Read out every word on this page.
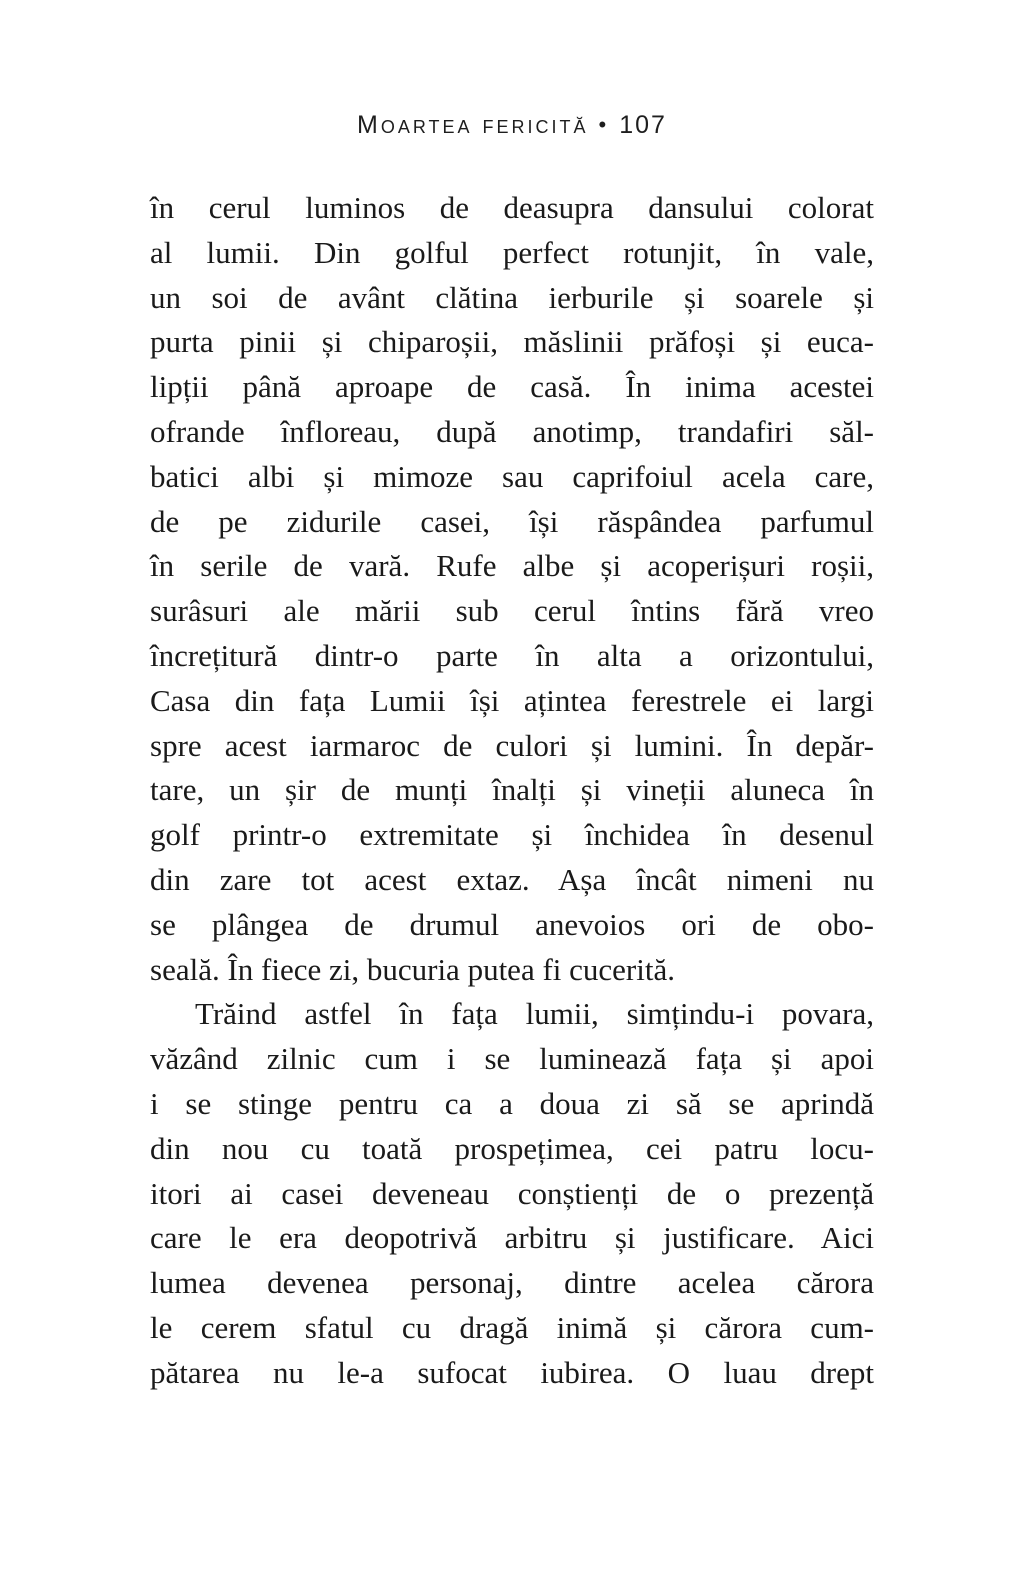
Moartea fericită • 107
în cerul luminos de deasupra dansului colorat
al lumii. Din golful perfect rotunjit, în vale,
un soi de avânt clătina ierburile și soarele și
purta pinii și chiparoșii, măslinii prăfoși și euca-
lipții până aproape de casă. În inima acestei
ofrande înfloreau, după anotimp, trandafiri săl-
batici albi și mimoze sau caprifoiul acela care,
de pe zidurile casei, își răspândea parfumul
în serile de vară. Rufe albe și acoperișuri roșii,
surâsuri ale mării sub cerul întins fără vreo
încrețitură dintr-o parte în alta a orizontului,
Casa din fața Lumii își ațintea ferestrele ei largi
spre acest iarmaroc de culori și lumini. În depăr-
tare, un șir de munți înalți și vineții aluneca în
golf printr-o extremitate și închidea în desenul
din zare tot acest extaz. Așa încât nimeni nu
se plângea de drumul anevoios ori de obo-
seală. În fiece zi, bucuria putea fi cucerită.
Trăind astfel în fața lumii, simțindu-i povara,
văzând zilnic cum i se luminează fața și apoi
i se stinge pentru ca a doua zi să se aprindă
din nou cu toată prospețimea, cei patru locu-
itori ai casei deveneau conștienți de o prezență
care le era deopotrivă arbitru și justificare. Aici
lumea devenea personaj, dintre acelea cărora
le cerem sfatul cu dragă inimă și cărora cum-
pătarea nu le-a sufocat iubirea. O luau drept
